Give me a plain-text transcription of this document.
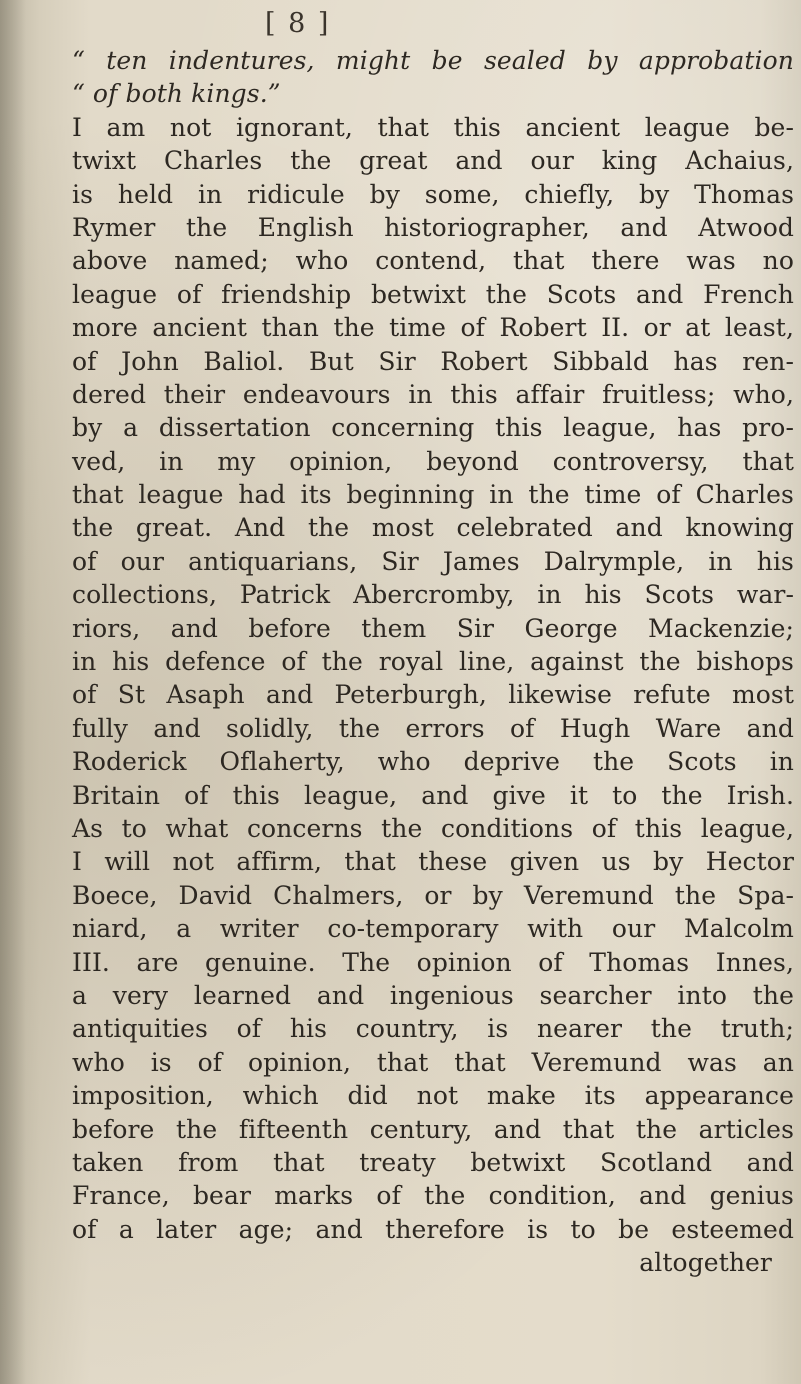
[ 8 ]
“ ten indentures, might be sealed by approbation
“ of both kings.”
I am not ignorant, that this ancient league be-
twixt Charles the great and our king Achaius,
is held in ridicule by some, chiefly, by Thomas
Rymer the English historiographer, and Atwood
above named; who contend, that there was no
league of friendship betwixt the Scots and French
more ancient than the time of Robert II. or at least,
of John Baliol. But Sir Robert Sibbald has ren-
dered their endeavours in this affair fruitless; who,
by a dissertation concerning this league, has pro-
ved, in my opinion, beyond controversy, that
that league had its beginning in the time of Charles
the great. And the most celebrated and knowing
of our antiquarians, Sir James Dalrymple, in his
collections, Patrick Abercromby, in his Scots war-
riors, and before them Sir George Mackenzie;
in his defence of the royal line, against the bishops
of St Asaph and Peterburgh, likewise refute most
fully and solidly, the errors of Hugh Ware and
Roderick Oflaherty, who deprive the Scots in
Britain of this league, and give it to the Irish.
As to what concerns the conditions of this league,
I will not affirm, that these given us by Hector
Boece, David Chalmers, or by Veremund the Spa-
niard, a writer co-temporary with our Malcolm
III. are genuine. The opinion of Thomas Innes,
a very learned and ingenious searcher into the
antiquities of his country, is nearer the truth;
who is of opinion, that that Veremund was an
imposition, which did not make its appearance
before the fifteenth century, and that the articles
taken from that treaty betwixt Scotland and
France, bear marks of the condition, and genius
of a later age; and therefore is to be esteemed
altogether
